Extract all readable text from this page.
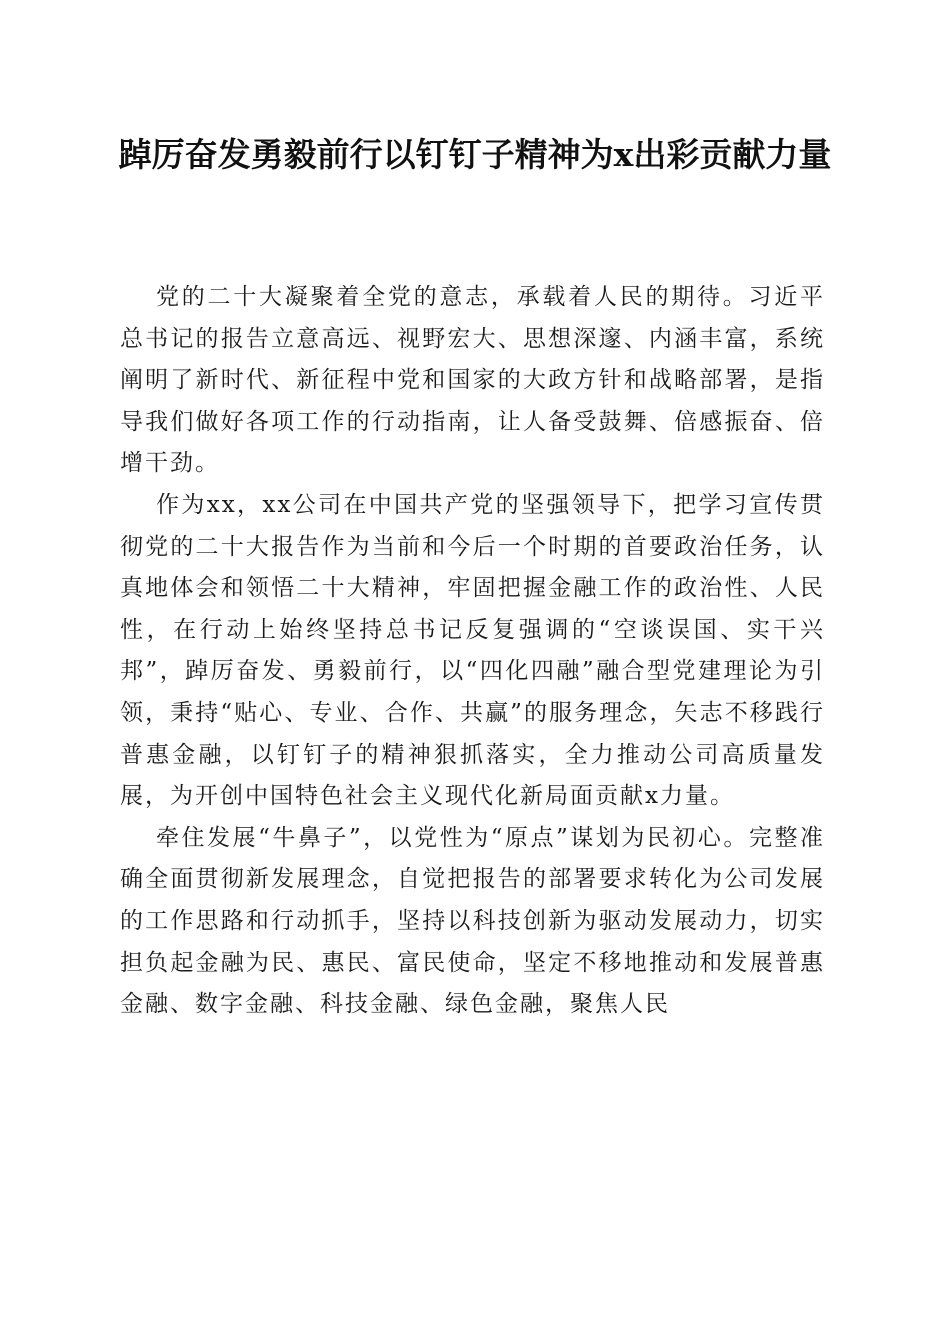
踔厉奋发勇毅前行以钉钉子精神为x出彩贡献力量

党的二十大凝聚着全党的意志，承载着人民的期待。习近平总书记的报告立意高远、视野宏大、思想深邃、内涵丰富，系统阐明了新时代、新征程中党和国家的大政方针和战略部署，是指导我们做好各项工作的行动指南，让人备受鼓舞、倍感振奋、倍增干劲。

作为xx，xx公司在中国共产党的坚强领导下，把学习宣传贯彻党的二十大报告作为当前和今后一个时期的首要政治任务，认真地体会和领悟二十大精神，牢固把握金融工作的政治性、人民性，在行动上始终坚持总书记反复强调的“空谈误国、实干兴邦”，踔厉奋发、勇毅前行，以“四化四融”融合型党建理论为引领，秉持“贴心、专业、合作、共赢”的服务理念，矢志不移践行普惠金融，以钉钉子的精神狠抓落实，全力推动公司高质量发展，为开创中国特色社会主义现代化新局面贡献x力量。

牵住发展“牛鼻子”，以党性为“原点”谋划为民初心。完整准确全面贯彻新发展理念，自觉把报告的部署要求转化为公司发展的工作思路和行动抓手，坚持以科技创新为驱动发展动力，切实担负起金融为民、惠民、富民使命，坚定不移地推动和发展普惠金融、数字金融、科技金融、绿色金融，聚焦人民
